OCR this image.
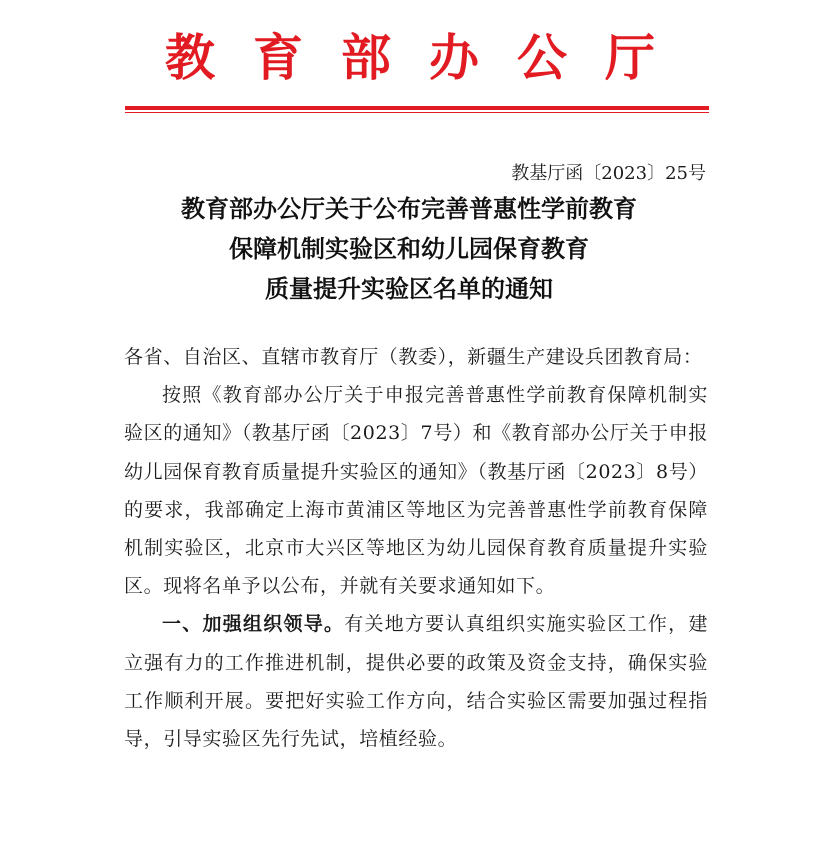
教育部办公厅
教基厅函〔2023〕25号
教育部办公厅关于公布完善普惠性学前教育
保障机制实验区和幼儿园保育教育
质量提升实验区名单的通知

各省、自治区、直辖市教育厅（教委），新疆生产建设兵团教育局：

按照《教育部办公厅关于申报完善普惠性学前教育保障机制实验区的通知》（教基厅函〔2023〕7号）和《教育部办公厅关于申报幼儿园保育教育质量提升实验区的通知》（教基厅函〔2023〕8号）的要求，我部确定上海市黄浦区等地区为完善普惠性学前教育保障机制实验区，北京市大兴区等地区为幼儿园保育教育质量提升实验区。现将名单予以公布，并就有关要求通知如下。

一、加强组织领导。有关地方要认真组织实施实验区工作，建立强有力的工作推进机制，提供必要的政策及资金支持，确保实验工作顺利开展。要把好实验工作方向，结合实验区需要加强过程指导，引导实验区先行先试，培植经验。
